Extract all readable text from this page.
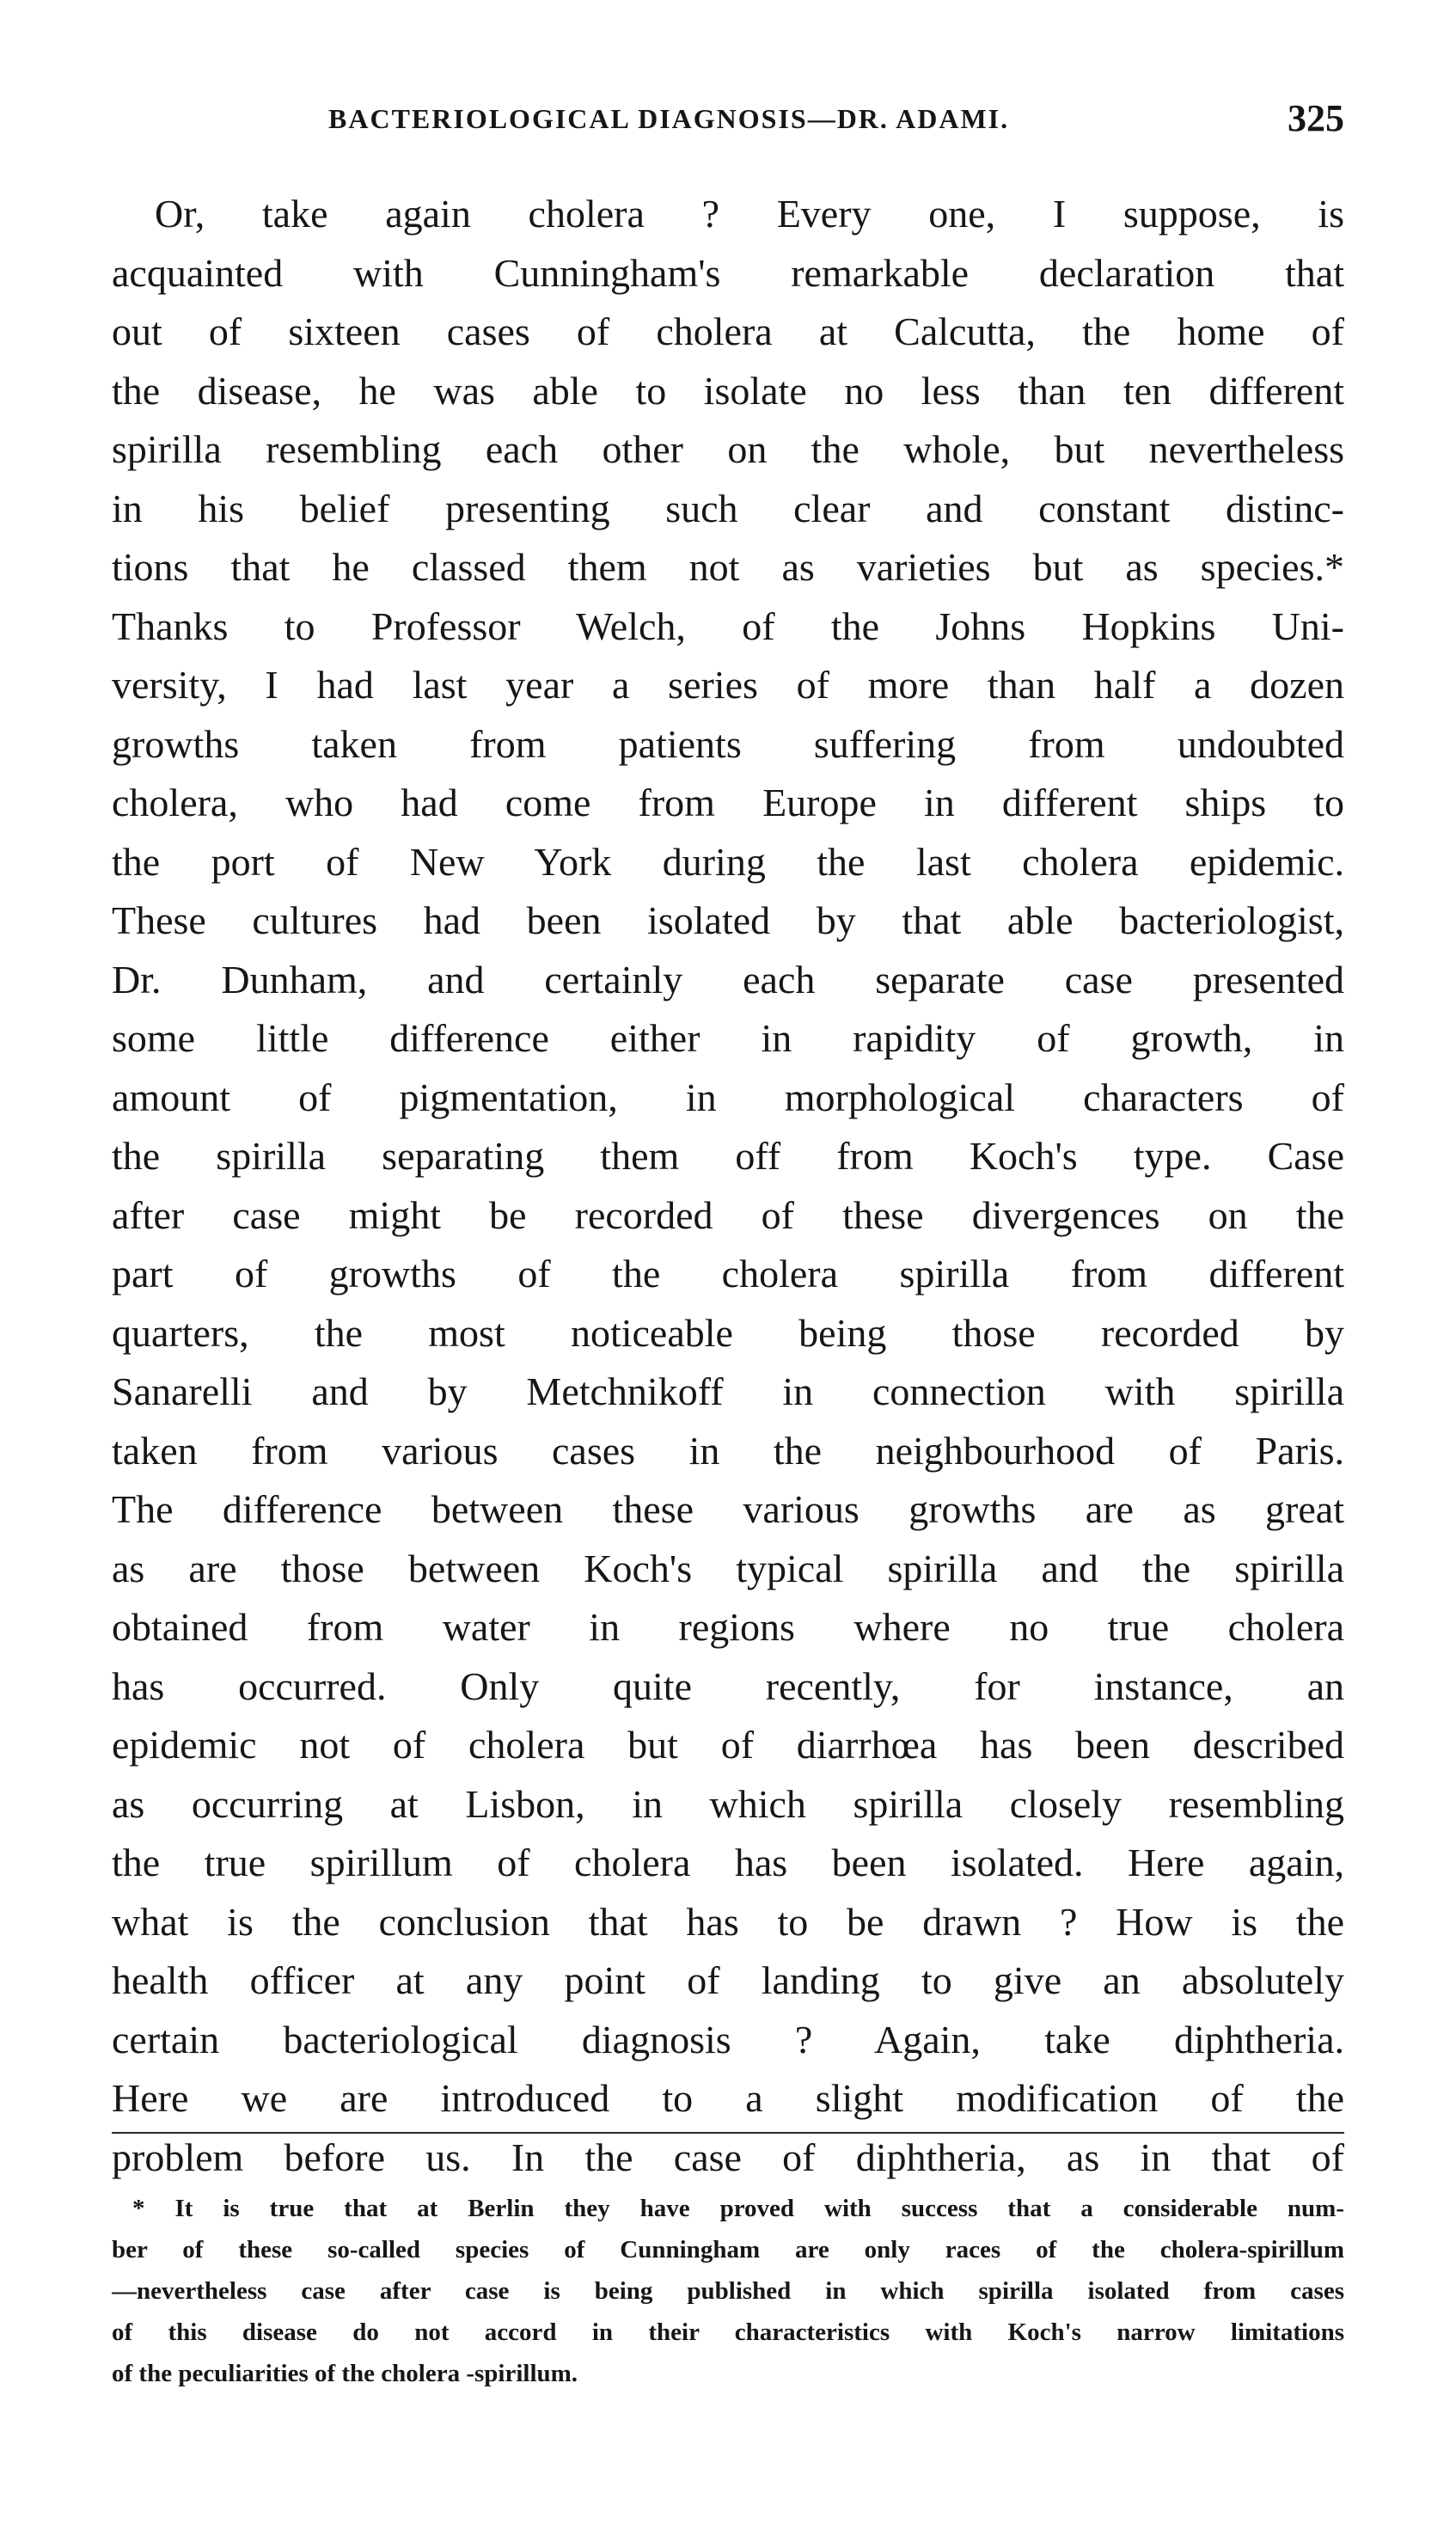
BACTERIOLOGICAL DIAGNOSIS—DR. ADAMI.	325
Or, take again cholera ? Every one, I suppose, is
acquainted with Cunningham's remarkable declaration that
out of sixteen cases of cholera at Calcutta, the home of
the disease, he was able to isolate no less than ten different
spirilla resembling each other on the whole, but nevertheless
in his belief presenting such clear and constant distinc-
tions that he classed them not as varieties but as species.*
Thanks to Professor Welch, of the Johns Hopkins Uni-
versity, I had last year a series of more than half a dozen
growths taken from patients suffering from undoubted
cholera, who had come from Europe in different ships to
the port of New York during the last cholera epidemic.
These cultures had been isolated by that able bacteriologist,
Dr. Dunham, and certainly each separate case presented
some little difference either in rapidity of growth, in
amount of pigmentation, in morphological characters of
the spirilla separating them off from Koch's type. Case
after case might be recorded of these divergences on the
part of growths of the cholera spirilla from different
quarters, the most noticeable being those recorded by
Sanarelli and by Metchnikoff in connection with spirilla
taken from various cases in the neighbourhood of Paris.
The difference between these various growths are as great
as are those between Koch's typical spirilla and the spirilla
obtained from water in regions where no true cholera
has occurred. Only quite recently, for instance, an
epidemic not of cholera but of diarrhœa has been described
as occurring at Lisbon, in which spirilla closely resembling
the true spirillum of cholera has been isolated. Here again,
what is the conclusion that has to be drawn ? How is the
health officer at any point of landing to give an absolutely
certain bacteriological diagnosis ? Again, take diphtheria.
Here we are introduced to a slight modification of the
problem before us. In the case of diphtheria, as in that of
* It is true that at Berlin they have proved with success that a considerable num-
ber of these so-called species of Cunningham are only races of the cholera-spirillum
—nevertheless case after case is being published in which spirilla isolated from cases
of this disease do not accord in their characteristics with Koch's narrow limitations
of the peculiarities of the cholera -spirillum.
